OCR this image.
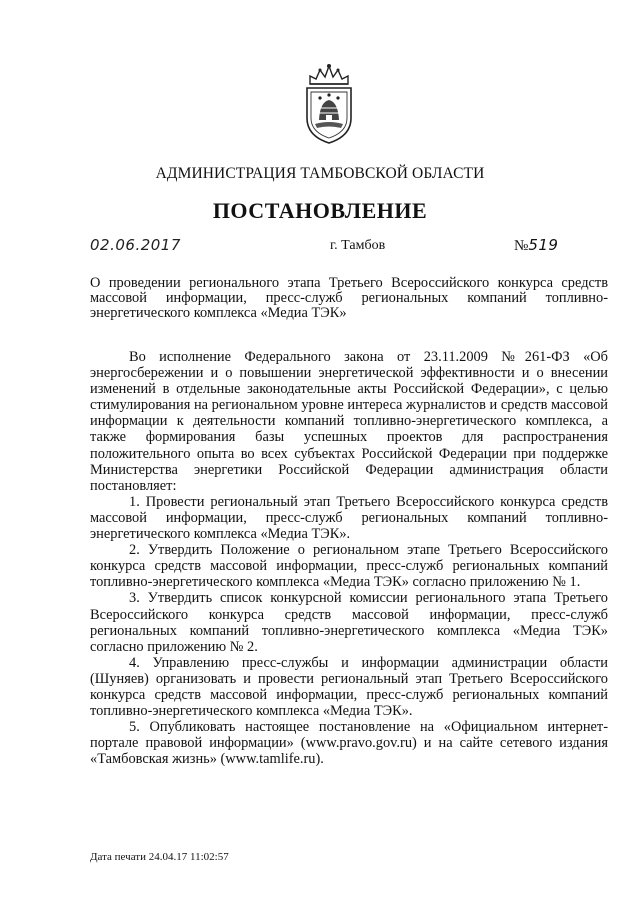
АДМИНИСТРАЦИЯ ТАМБОВСКОЙ ОБЛАСТИ
ПОСТАНОВЛЕНИЕ
02.06.2017	г. Тамбов	№519
О проведении регионального этапа Третьего Всероссийского конкурса средств массовой информации, пресс-служб региональных компаний топливно-энергетического комплекса «Медиа ТЭК»

Во исполнение Федерального закона от 23.11.2009 №261-ФЗ «Об энергосбережении и о повышении энергетической эффективности и о внесении изменений в отдельные законодательные акты Российской Федерации», с целью стимулирования на региональном уровне интереса журналистов и средств массовой информации к деятельности компаний топливно-энергетического комплекса, а также формирования базы успешных проектов для распространения положительного опыта во всех субъектах Российской Федерации при поддержке Министерства энергетики Российской Федерации администрация области постановляет:

1. Провести региональный этап Третьего Всероссийского конкурса средств массовой информации, пресс-служб региональных компаний топливно-энергетического комплекса «Медиа ТЭК».

2. Утвердить Положение о региональном этапе Третьего Всероссийского конкурса средств массовой информации, пресс-служб региональных компаний топливно-энергетического комплекса «Медиа ТЭК» согласно приложению № 1.

3. Утвердить список конкурсной комиссии регионального этапа Третьего Всероссийского конкурса средств массовой информации, пресс-служб региональных компаний топливно-энергетического комплекса «Медиа ТЭК» согласно приложению № 2.

4. Управлению пресс-службы и информации администрации области (Шуняев) организовать и провести региональный этап Третьего Всероссийского конкурса средств массовой информации, пресс-служб региональных компаний топливно-энергетического комплекса «Медиа ТЭК».

5. Опубликовать настоящее постановление на «Официальном интернет-портале правовой информации» (www.pravo.gov.ru) и на сайте сетевого издания «Тамбовская жизнь» (www.tamlife.ru).

Дата печати 24.04.17 11:02:57
